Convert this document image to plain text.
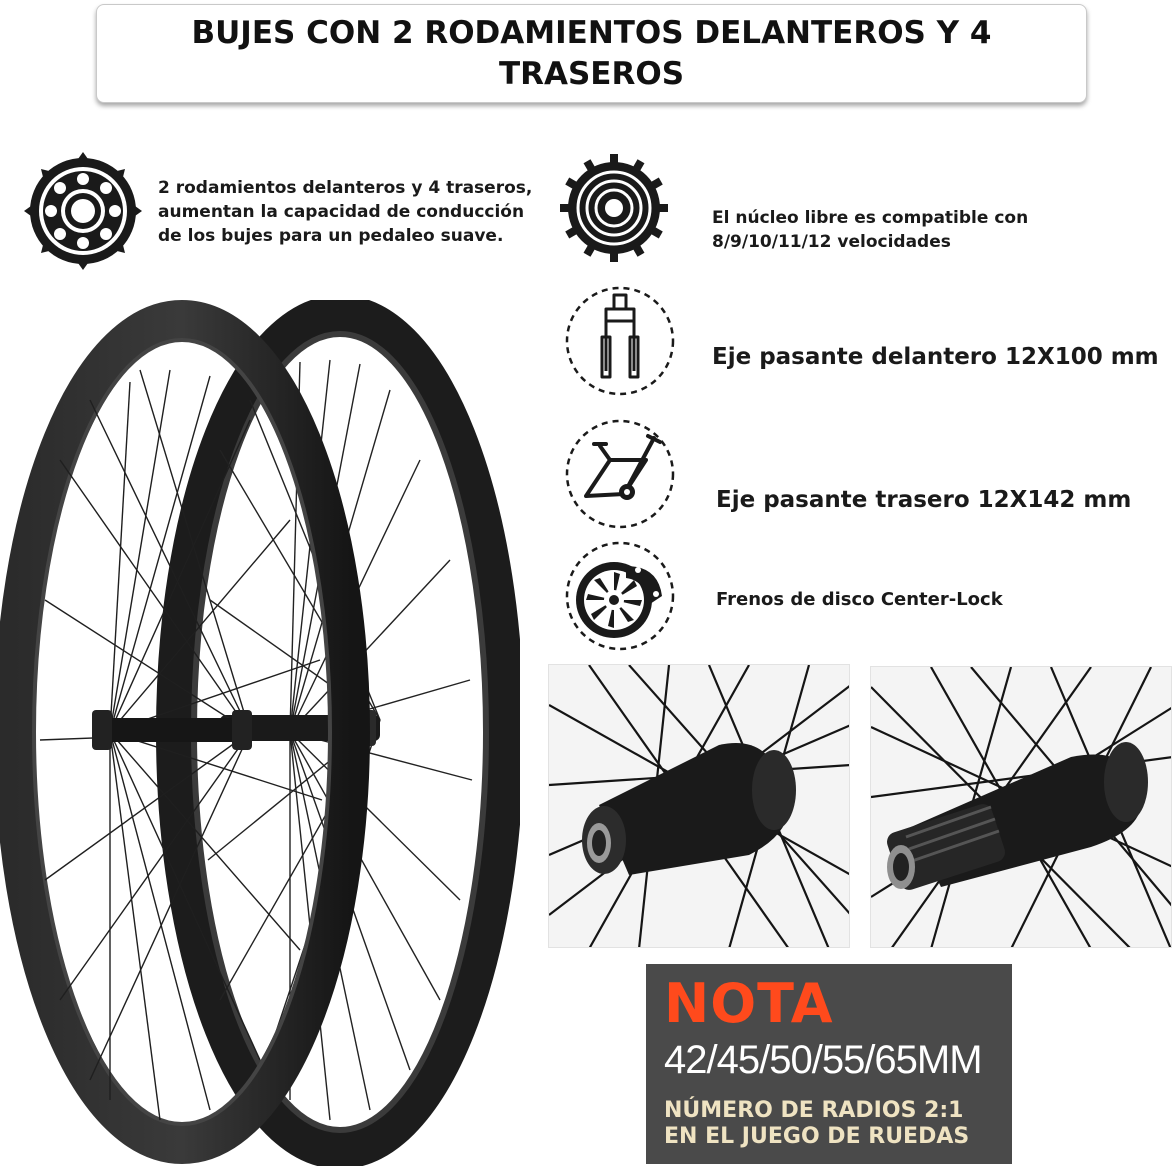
BUJES CON 2 RODAMIENTOS DELANTEROS Y 4 TRASEROS
2 rodamientos delanteros y 4 traseros,
aumentan la capacidad de conducción
de los bujes para un pedaleo suave.
El núcleo libre es compatible con
8/9/10/11/12 velocidades
Eje pasante delantero 12X100 mm
Eje pasante trasero 12X142 mm
Frenos de disco Center-Lock
NOTA
42/45/50/55/65MM
NÚMERO DE RADIOS 2:1
EN EL JUEGO DE RUEDAS
